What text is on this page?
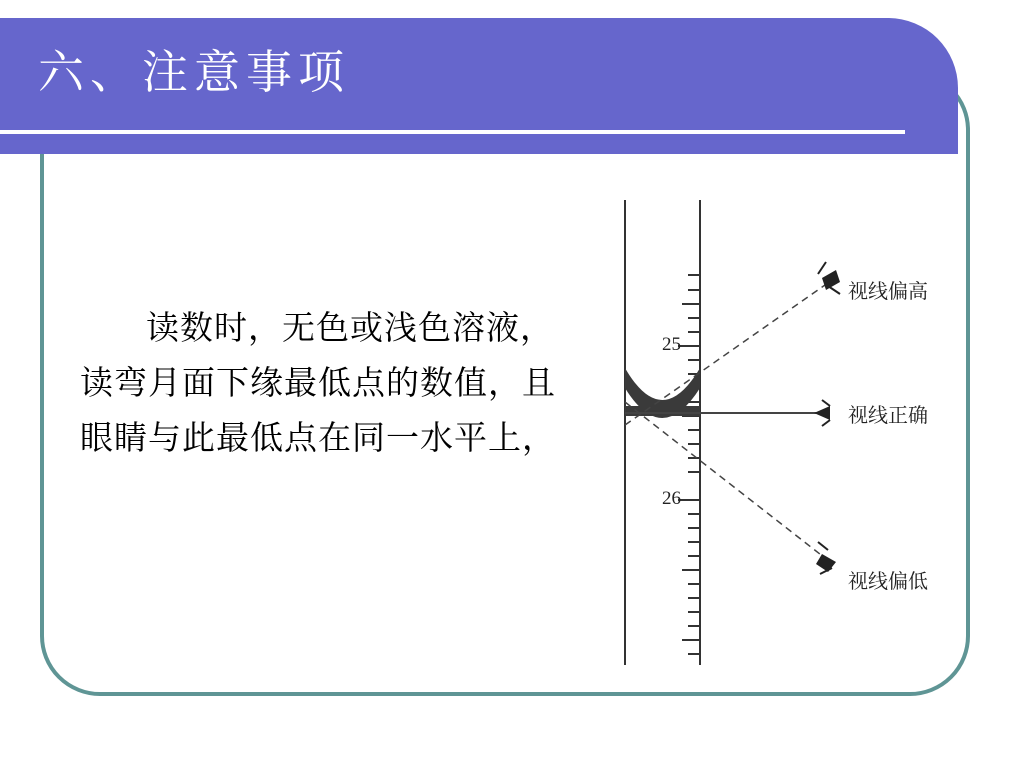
六、注意事项
读数时，无色或浅色溶液，读弯月面下缘最低点的数值，且眼睛与此最低点在同一水平上，
25
26
视线偏高
视线正确
视线偏低
